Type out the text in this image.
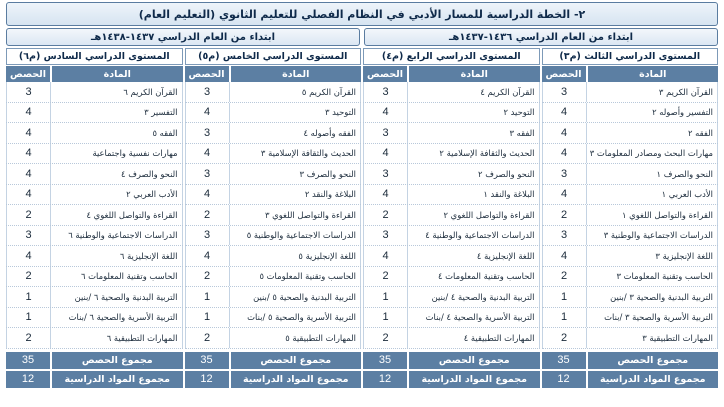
٢- الخطة الدراسية للمسار الأدبي في النظام الفصلي للتعليم الثانوي (التعليم العام)
ابتداء من العام الدراسي ١٤٣٦-١٤٣٧هـ
ابتداء من العام الدراسي ١٤٣٧-١٤٣٨هـ
المستوى الدراسي الثالث (م٣)
المادة
الحصص
القرآن الكريم ٣
3
التفسير وأصوله ٢
4
الفقه ٢
4
مهارات البحث ومصادر المعلومات ٣
4
النحو والصرف ١
3
الأدب العربي ١
4
القراءة والتواصل اللغوي ١
2
الدراسات الاجتماعية والوطنية ٣
3
اللغة الإنجليزية ٣
4
الحاسب وتقنية المعلومات ٣
2
التربية البدنية والصحية ٣ /بنين
1
التربية الأسرية والصحية ٣ /بنات
1
المهارات التطبيقية ٣
2
مجموع الحصص
35
مجموع المواد الدراسية
12
المستوى الدراسي الرابع (م٤)
المادة
الحصص
القرآن الكريم ٤
3
التوحيد ٢
4
الفقه ٣
3
الحديث والثقافة الإسلامية ٢
4
النحو والصرف ٢
3
البلاغة والنقد ١
4
القراءة والتواصل اللغوي ٢
2
الدراسات الاجتماعية والوطنية ٤
3
اللغة الإنجليزية ٤
4
الحاسب وتقنية المعلومات ٤
2
التربية البدنية والصحية ٤ /بنين
1
التربية الأسرية والصحية ٤ /بنات
1
المهارات التطبيقية ٤
2
مجموع الحصص
35
مجموع المواد الدراسية
12
المستوى الدراسي الخامس (م٥)
المادة
الحصص
القرآن الكريم ٥
3
التوحيد ٣
4
الفقه وأصوله ٤
3
الحديث والثقافة الإسلامية ٣
4
النحو والصرف ٣
3
البلاغة والنقد ٢
4
القراءة والتواصل اللغوي ٣
2
الدراسات الاجتماعية والوطنية ٥
3
اللغة الإنجليزية ٥
4
الحاسب وتقنية المعلومات ٥
2
التربية البدنية والصحية ٥ /بنين
1
التربية الأسرية والصحية ٥ /بنات
1
المهارات التطبيقية ٥
2
مجموع الحصص
35
مجموع المواد الدراسية
12
المستوى الدراسي السادس (م٦)
المادة
الحصص
القرآن الكريم ٦
3
التفسير ٣
4
الفقه ٥
4
مهارات نفسية واجتماعية
4
النحو والصرف ٤
4
الأدب العربي ٢
4
القراءة والتواصل اللغوي ٤
2
الدراسات الاجتماعية والوطنية ٦
3
اللغة الإنجليزية ٦
4
الحاسب وتقنية المعلومات ٦
2
التربية البدنية والصحية ٦ /بنين
1
التربية الأسرية والصحية ٦ /بنات
1
المهارات التطبيقية ٦
2
مجموع الحصص
35
مجموع المواد الدراسية
12
